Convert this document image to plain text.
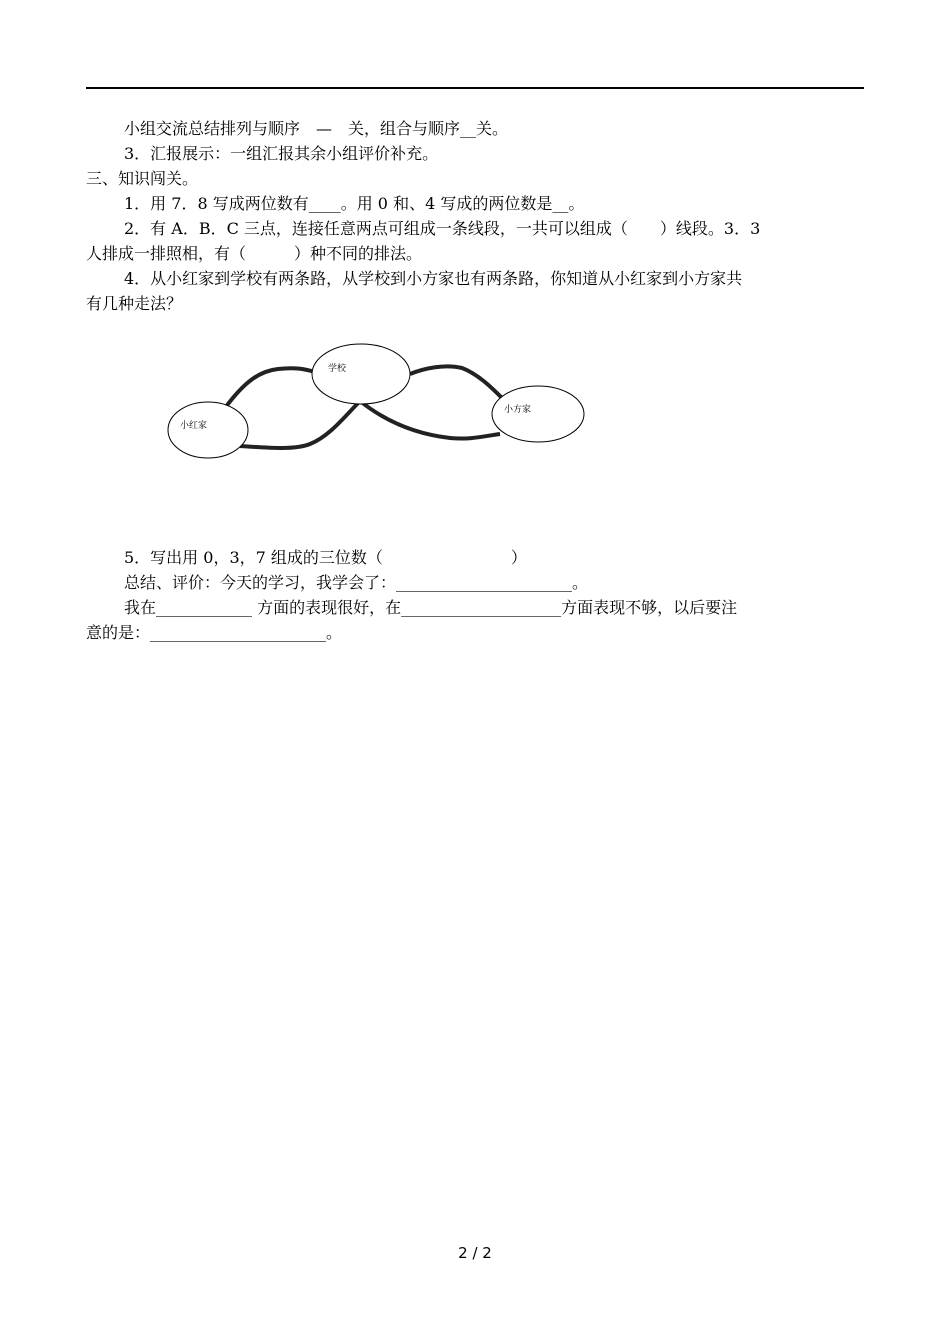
小组交流总结排列与顺序　—　关，组合与顺序__关。
3．汇报展示：一组汇报其余小组评价补充。
三、知识闯关。
1．用 7．8 写成两位数有____。用 0 和、4 写成的两位数是__。
2．有 A．B．C 三点，连接任意两点可组成一条线段，一共可以组成（　　）线段。3．3
人排成一排照相，有（　　　）种不同的排法。
4．从小红家到学校有两条路，从学校到小方家也有两条路，你知道从小红家到小方家共
有几种走法？
学校
小红家
小方家
5．写出用 0，3，7 组成的三位数（　　　　　　　　）
总结、评价：今天的学习，我学会了：______________________。
我在____________ 方面的表现很好，在____________________方面表现不够，以后要注
意的是：______________________。
2 / 2
